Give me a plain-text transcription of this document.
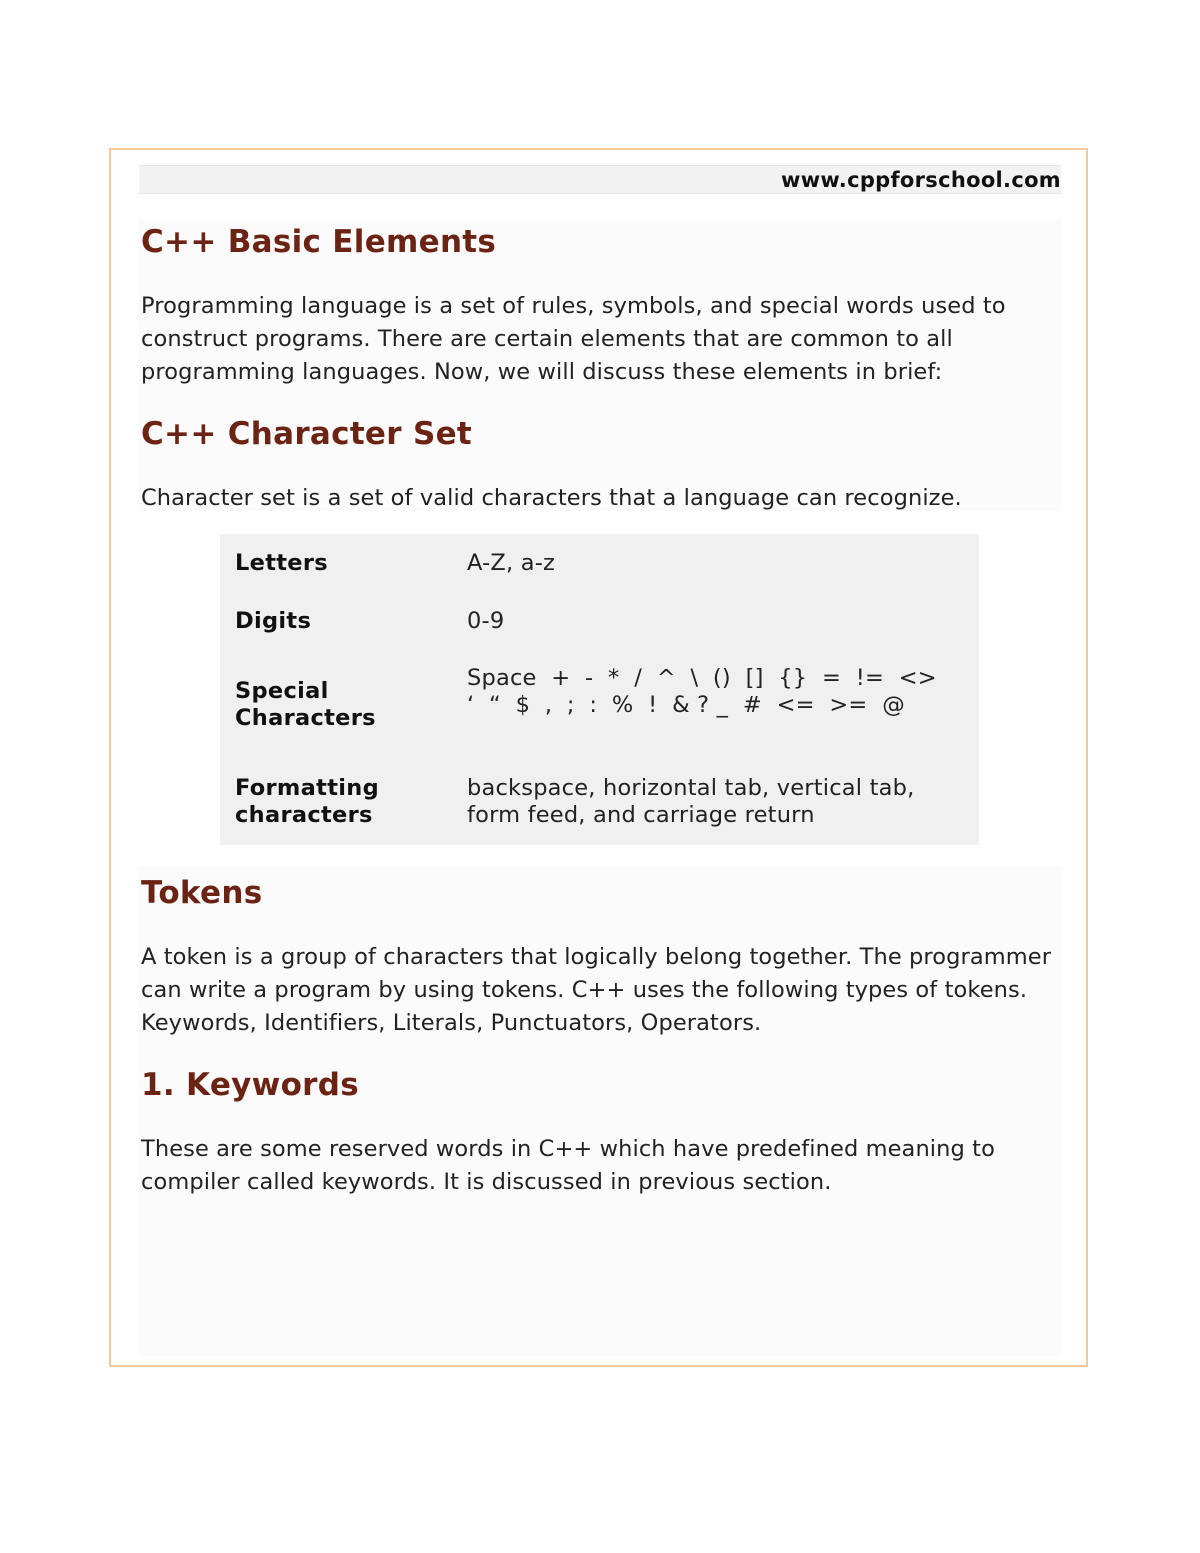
www.cppforschool.com
C++ Basic Elements

Programming language is a set of rules, symbols, and special words used to construct programs. There are certain elements that are common to all programming languages. Now, we will discuss these elements in brief:

C++ Character Set

Character set is a set of valid characters that a language can recognize.

Letters	A-Z, a-z
Digits	0-9
Special Characters
Space  +  -  *  /  ^  \  ()  []  {}  =  !=  <>  ‘  “  $  ,  ;  :  %  !  & ? _  #  <=  >=  @
Formatting characters
backspace, horizontal tab, vertical tab, form feed, and carriage return
Tokens

A token is a group of characters that logically belong together. The programmer can write a program by using tokens. C++ uses the following types of tokens. Keywords, Identifiers, Literals, Punctuators, Operators.

1. Keywords

These are some reserved words in C++ which have predefined meaning to compiler called keywords. It is discussed in previous section.
